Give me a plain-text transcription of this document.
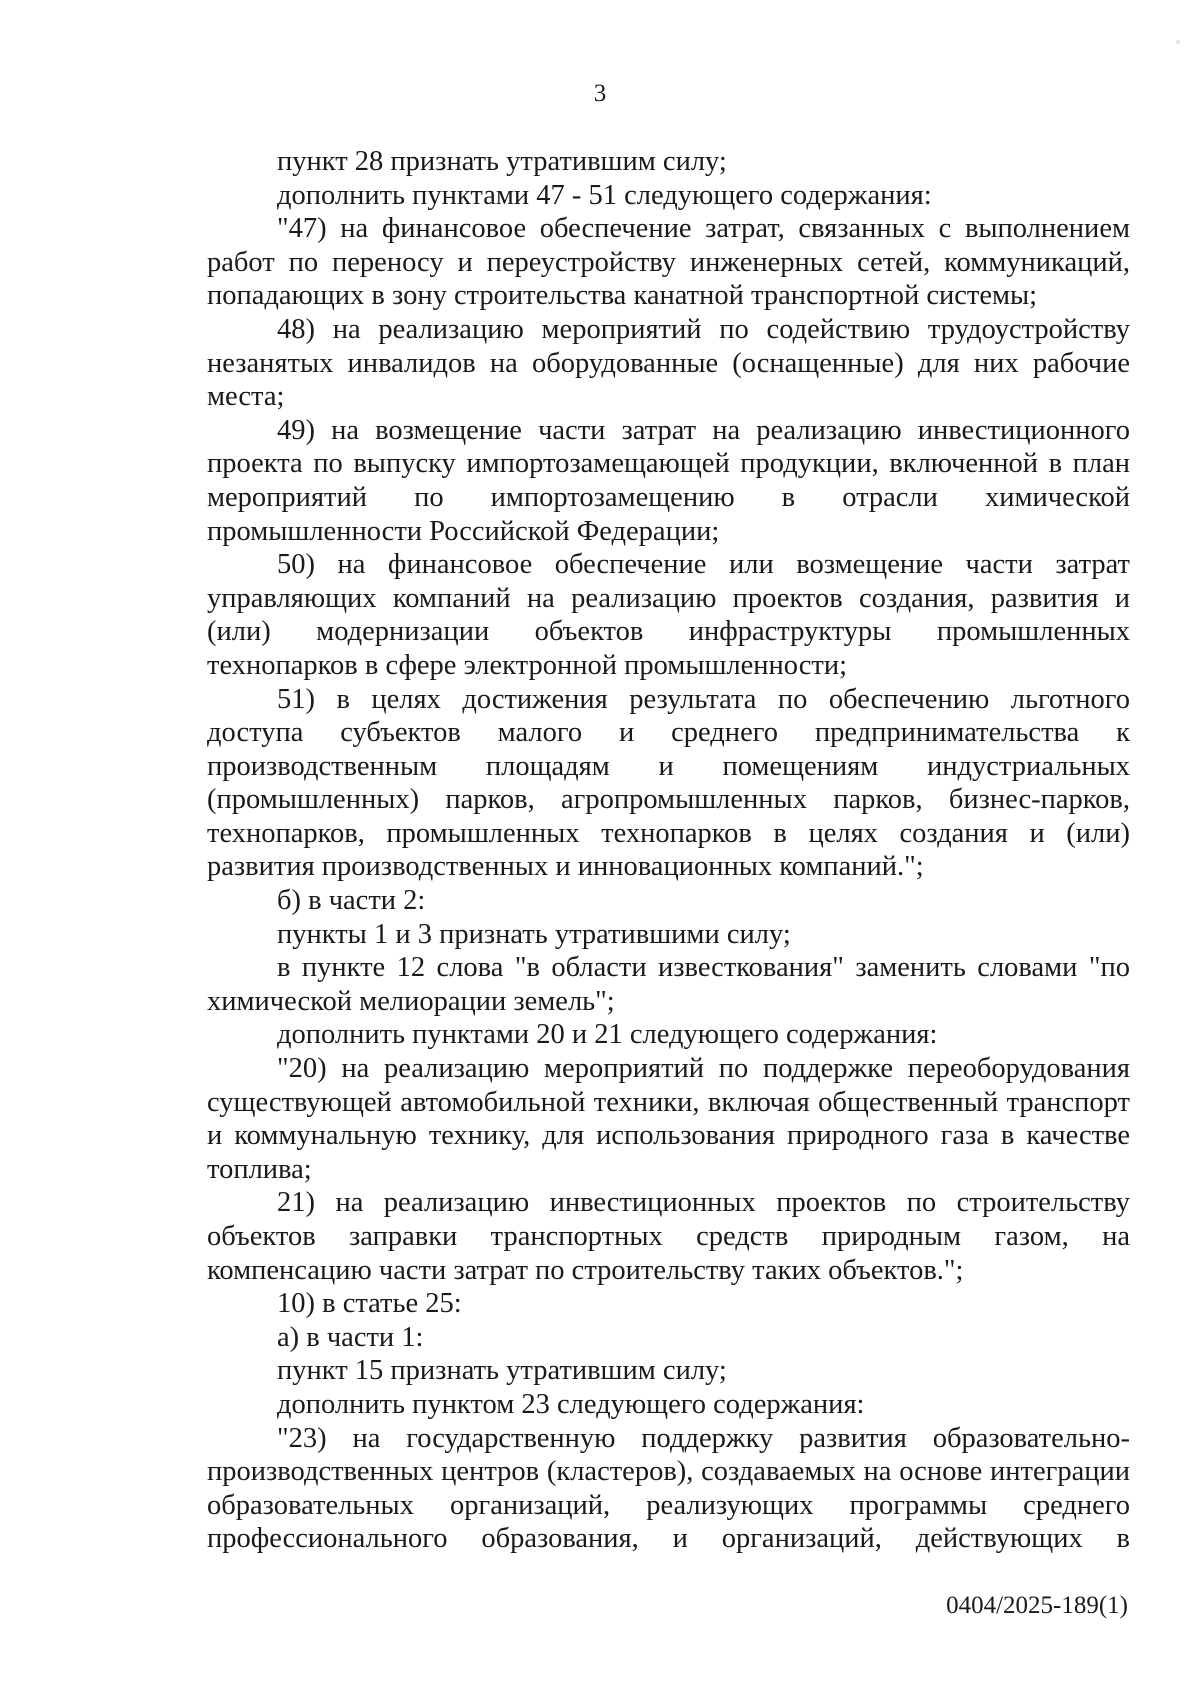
3

пункт 28 признать утратившим силу;

дополнить пунктами 47 - 51 следующего содержания:

"47) на финансовое обеспечение затрат, связанных с выполнением работ по переносу и переустройству инженерных сетей, коммуникаций, попадающих в зону строительства канатной транспортной системы;

48) на реализацию мероприятий по содействию трудоустройству незанятых инвалидов на оборудованные (оснащенные) для них рабочие места;

49) на возмещение части затрат на реализацию инвестиционного проекта по выпуску импортозамещающей продукции, включенной в план мероприятий по импортозамещению в отрасли химической промышленности Российской Федерации;

50) на финансовое обеспечение или возмещение части затрат управляющих компаний на реализацию проектов создания, развития и (или) модернизации объектов инфраструктуры промышленных технопарков в сфере электронной промышленности;

51) в целях достижения результата по обеспечению льготного доступа субъектов малого и среднего предпринимательства к производственным площадям и помещениям индустриальных (промышленных) парков, агропромышленных парков, бизнес-парков, технопарков, промышленных технопарков в целях создания и (или) развития производственных и инновационных компаний.";

б) в части 2:

пункты 1 и 3 признать утратившими силу;

в пункте 12 слова "в области известкования" заменить словами "по химической мелиорации земель";

дополнить пунктами 20 и 21 следующего содержания:

"20) на реализацию мероприятий по поддержке переоборудования существующей автомобильной техники, включая общественный транспорт и коммунальную технику, для использования природного газа в качестве топлива;

21) на реализацию инвестиционных проектов по строительству объектов заправки транспортных средств природным газом, на компенсацию части затрат по строительству таких объектов.";

10) в статье 25:

а) в части 1:

пункт 15 признать утратившим силу;

дополнить пунктом 23 следующего содержания:

"23) на государственную поддержку развития образовательно-производственных центров (кластеров), создаваемых на основе интеграции образовательных организаций, реализующих программы среднего профессионального образования, и организаций, действующих в

0404/2025-189(1)
